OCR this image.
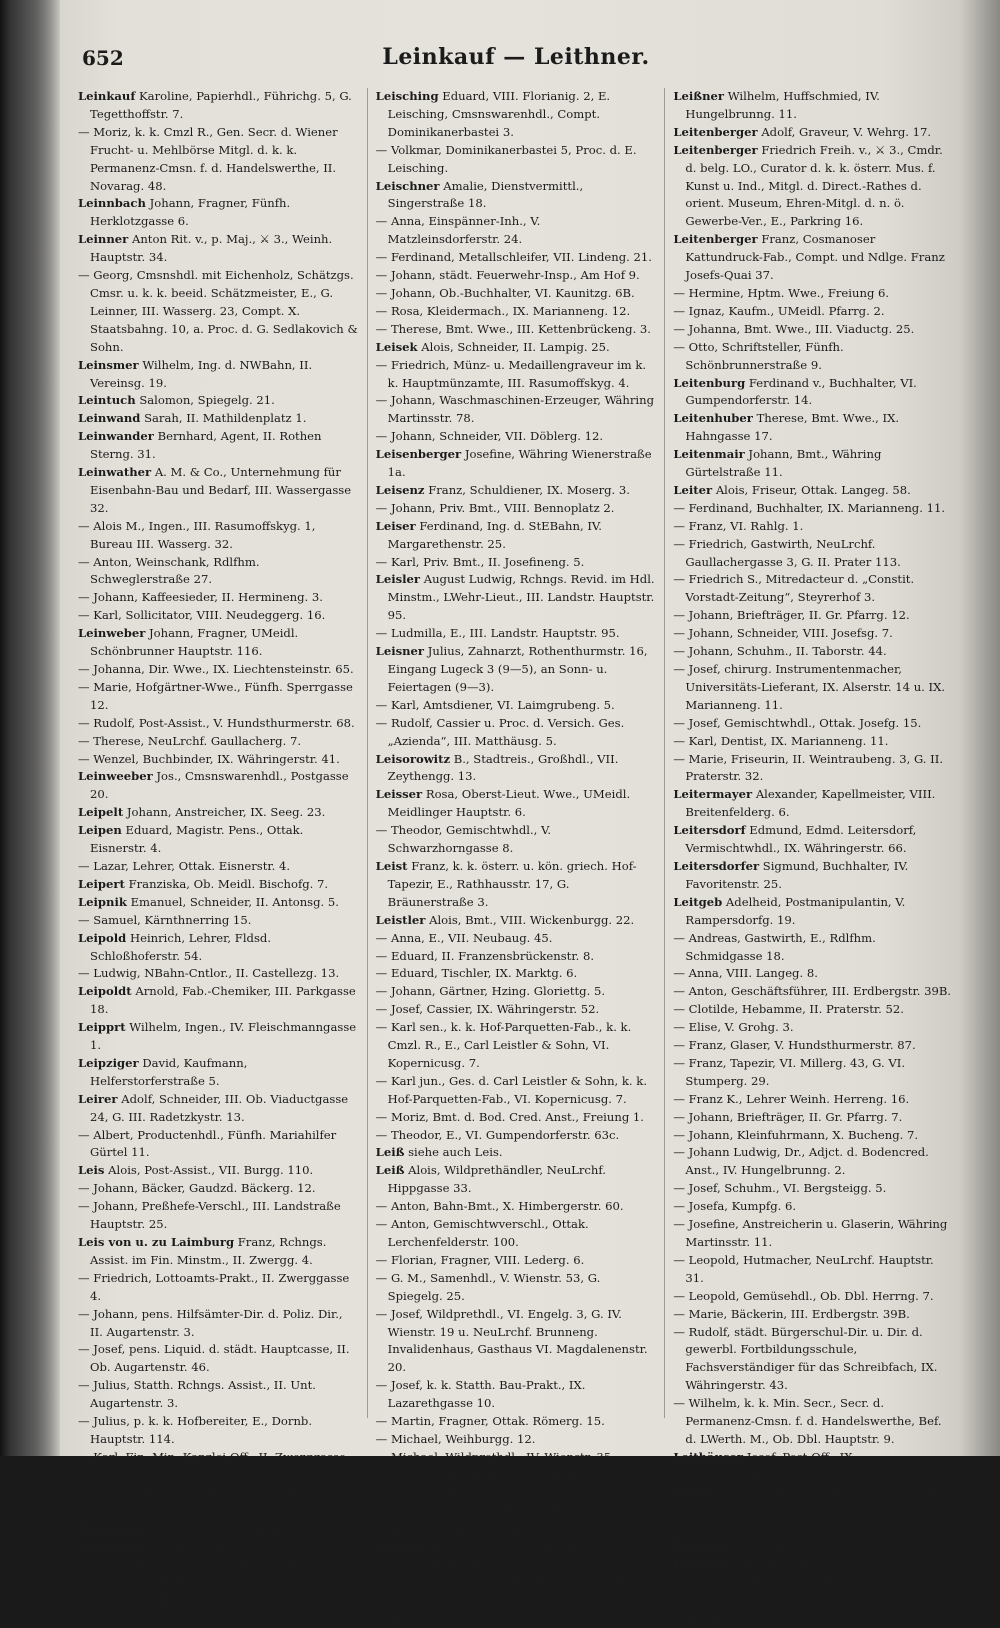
652	Leinkauf — Leithner.

Leinkauf Karoline, Papierhdl., Führichg. 5, G. Tegetthoffstr. 7.

— Moriz, k. k. Cmzl R., Gen. Secr. d. Wiener Frucht- u. Mehlbörse Mitgl. d. k. k. Permanenz-Cmsn. f. d. Handelswerthe, II. Novarag. 48.

Leinnbach Johann, Fragner, Fünfh. Herklotzgasse 6.

Leinner Anton Rit. v., p. Maj., ⚔ 3., Weinh. Hauptstr. 34.

— Georg, Cmsnshdl. mit Eichenholz, Schätzgs. Cmsr. u. k. k. beeid. Schätzmeister, E., G. Leinner, III. Wasserg. 23, Compt. X. Staatsbahng. 10, a. Proc. d. G. Sedlakovich & Sohn.

Leinsmer Wilhelm, Ing. d. NWBahn, II. Vereinsg. 19.

Leintuch Salomon, Spiegelg. 21.

Leinwand Sarah, II. Mathildenplatz 1.

Leinwander Bernhard, Agent, II. Rothen Sterng. 31.

Leinwather A. M. & Co., Unternehmung für Eisenbahn-Bau und Bedarf, III. Wassergasse 32.

— Alois M., Ingen., III. Rasumoffskyg. 1, Bureau III. Wasserg. 32.

— Anton, Weinschank, Rdlfhm. Schweglerstraße 27.

— Johann, Kaffeesieder, II. Hermineng. 3.

— Karl, Sollicitator, VIII. Neudeggerg. 16.

Leinweber Johann, Fragner, UMeidl. Schönbrunner Hauptstr. 116.

— Johanna, Dir. Wwe., IX. Liechtensteinstr. 65.

— Marie, Hofgärtner-Wwe., Fünfh. Sperrgasse 12.

— Rudolf, Post-Assist., V. Hundsthurmerstr. 68.

— Therese, NeuLrchf. Gaullacherg. 7.

— Wenzel, Buchbinder, IX. Währingerstr. 41.

Leinweeber Jos., Cmsnswarenhdl., Postgasse 20.

Leipelt Johann, Anstreicher, IX. Seeg. 23.

Leipen Eduard, Magistr. Pens., Ottak. Eisnerstr. 4.

— Lazar, Lehrer, Ottak. Eisnerstr. 4.

Leipert Franziska, Ob. Meidl. Bischofg. 7.

Leipnik Emanuel, Schneider, II. Antonsg. 5.

— Samuel, Kärnthnerring 15.

Leipold Heinrich, Lehrer, Fldsd. Schloßhoferstr. 54.

— Ludwig, NBahn-Cntlor., II. Castellezg. 13.

Leipoldt Arnold, Fab.-Chemiker, III. Parkgasse 18.

Leipprt Wilhelm, Ingen., IV. Fleischmanngasse 1.

Leipziger David, Kaufmann, Helferstorferstraße 5.

Leirer Adolf, Schneider, III. Ob. Viaductgasse 24, G. III. Radetzkystr. 13.

— Albert, Productenhdl., Fünfh. Mariahilfer Gürtel 11.

Leis Alois, Post-Assist., VII. Burgg. 110.

— Johann, Bäcker, Gaudzd. Bäckerg. 12.

— Johann, Preßhefe-Verschl., III. Landstraße Hauptstr. 25.

Leis von u. zu Laimburg Franz, Rchngs. Assist. im Fin. Minstm., II. Zwergg. 4.

— Friedrich, Lottoamts-Prakt., II. Zwerggasse 4.

— Johann, pens. Hilfsämter-Dir. d. Poliz. Dir., II. Augartenstr. 3.

— Josef, pens. Liquid. d. städt. Hauptcasse, II. Ob. Augartenstr. 46.

— Julius, Statth. Rchngs. Assist., II. Unt. Augartenstr. 3.

— Julius, p. k. k. Hofbereiter, E., Dornb. Hauptstr. 114.

— Karl, Fin. Min.-Kanzlei-Off., II. Zwerggasse 4.

— Sidonie, Rgts.-Arzt-Wwe., Singerstr. 7.

— s. a. Leys von und zu Leimburg.

Leisberger Othmar, Lehrer, Donaufeld.

Leisching Eduard, PhDr., Dir.-Secr. und Kanzlei-Vorst., zugleich Custos-Stellvertr. am k. k. Mus. f. K. u. J., k. k. Lieut. in d. Res., VI. Getreidemarkt 11.

Leisching Eduard, VIII. Florianig. 2, E. Leisching, Cmsnswarenhdl., Compt. Dominikanerbastei 3.

— Volkmar, Dominikanerbastei 5, Proc. d. E. Leisching.

Leischner Amalie, Dienstvermittl., Singerstraße 18.

— Anna, Einspänner-Inh., V. Matzleinsdorferstr. 24.

— Ferdinand, Metallschleifer, VII. Lindeng. 21.

— Johann, städt. Feuerwehr-Insp., Am Hof 9.

— Johann, Ob.-Buchhalter, VI. Kaunitzg. 6B.

— Rosa, Kleidermach., IX. Marianneng. 12.

— Therese, Bmt. Wwe., III. Kettenbrückeng. 3.

Leisek Alois, Schneider, II. Lampig. 25.

— Friedrich, Münz- u. Medaillengraveur im k. k. Hauptmünzamte, III. Rasumoffskyg. 4.

— Johann, Waschmaschinen-Erzeuger, Währing Martinsstr. 78.

— Johann, Schneider, VII. Döblerg. 12.

Leisenberger Josefine, Währing Wienerstraße 1a.

Leisenz Franz, Schuldiener, IX. Moserg. 3.

— Johann, Priv. Bmt., VIII. Bennoplatz 2.

Leiser Ferdinand, Ing. d. StEBahn, IV. Margarethenstr. 25.

— Karl, Priv. Bmt., II. Josefineng. 5.

Leisler August Ludwig, Rchngs. Revid. im Hdl. Minstm., LWehr-Lieut., III. Landstr. Hauptstr. 95.

— Ludmilla, E., III. Landstr. Hauptstr. 95.

Leisner Julius, Zahnarzt, Rothenthurmstr. 16, Eingang Lugeck 3 (9—5), an Sonn- u. Feiertagen (9—3).

— Karl, Amtsdiener, VI. Laimgrubeng. 5.

— Rudolf, Cassier u. Proc. d. Versich. Ges. „Azienda“, III. Matthäusg. 5.

Leisorowitz B., Stadtreis., Großhdl., VII. Zeythengg. 13.

Leisser Rosa, Oberst-Lieut. Wwe., UMeidl. Meidlinger Hauptstr. 6.

— Theodor, Gemischtwhdl., V. Schwarzhorngasse 8.

Leist Franz, k. k. österr. u. kön. griech. Hof-Tapezir, E., Rathhausstr. 17, G. Bräunerstraße 3.

Leistler Alois, Bmt., VIII. Wickenburgg. 22.

— Anna, E., VII. Neubaug. 45.

— Eduard, II. Franzensbrückenstr. 8.

— Eduard, Tischler, IX. Marktg. 6.

— Johann, Gärtner, Hzing. Gloriettg. 5.

— Josef, Cassier, IX. Währingerstr. 52.

— Karl sen., k. k. Hof-Parquetten-Fab., k. k. Cmzl. R., E., Carl Leistler & Sohn, VI. Kopernicusg. 7.

— Karl jun., Ges. d. Carl Leistler & Sohn, k. k. Hof-Parquetten-Fab., VI. Kopernicusg. 7.

— Moriz, Bmt. d. Bod. Cred. Anst., Freiung 1.

— Theodor, E., VI. Gumpendorferstr. 63c.

Leiß siehe auch Leis.

Leiß Alois, Wildprethändler, NeuLrchf. Hippgasse 33.

— Anton, Bahn-Bmt., X. Himbergerstr. 60.

— Anton, Gemischtwverschl., Ottak. Lerchenfelderstr. 100.

— Florian, Fragner, VIII. Lederg. 6.

— G. M., Samenhdl., V. Wienstr. 53, G. Spiegelg. 25.

— Josef, Wildprethdl., VI. Engelg. 3, G. IV. Wienstr. 19 u. NeuLrchf. Brunneng. Invalidenhaus, Gasthaus VI. Magdalenenstr. 20.

— Josef, k. k. Statth. Bau-Prakt., IX. Lazarethgasse 10.

— Martin, Fragner, Ottak. Römerg. 15.

— Michael, Weihburgg. 12.

— Michael, Wildprethdl., IV. Wienstr. 35.

— Michael jun., Wildprethdl., Weihburgg. 12, G. Franziskanerplatz 3.

— Michael, Schuhm., Penzing Poststr. 36.

— Peter, Tischler, V. Matzleinsdorferstr. 31.

Leißner Josef, Briefträger, Hnls. Herrng. 11.

— Marie, Näherin, VII. Neustiftg. 12.

— Sebastian, Tischler, III. Stanislausg. 3, Ges. d. Käß & Leißner, Tischlerholzhdl., III. Hohlwegg. 32.

Leißner Wilhelm, Huffschmied, IV. Hungelbrunng. 11.

Leitenberger Adolf, Graveur, V. Wehrg. 17.

Leitenberger Friedrich Freih. v., ⚔ 3., Cmdr. d. belg. LO., Curator d. k. k. österr. Mus. f. Kunst u. Ind., Mitgl. d. Direct.-Rathes d. orient. Museum, Ehren-Mitgl. d. n. ö. Gewerbe-Ver., E., Parkring 16.

Leitenberger Franz, Cosmanoser Kattundruck-Fab., Compt. und Ndlge. Franz Josefs-Quai 37.

— Hermine, Hptm. Wwe., Freiung 6.

— Ignaz, Kaufm., UMeidl. Pfarrg. 2.

— Johanna, Bmt. Wwe., III. Viaductg. 25.

— Otto, Schriftsteller, Fünfh. Schönbrunnerstraße 9.

Leitenburg Ferdinand v., Buchhalter, VI. Gumpendorferstr. 14.

Leitenhuber Therese, Bmt. Wwe., IX. Hahngasse 17.

Leitenmair Johann, Bmt., Währing Gürtelstraße 11.

Leiter Alois, Friseur, Ottak. Langeg. 58.

— Ferdinand, Buchhalter, IX. Marianneng. 11.

— Franz, VI. Rahlg. 1.

— Friedrich, Gastwirth, NeuLrchf. Gaullachergasse 3, G. II. Prater 113.

— Friedrich S., Mitredacteur d. „Constit. Vorstadt-Zeitung“, Steyrerhof 3.

— Johann, Briefträger, II. Gr. Pfarrg. 12.

— Johann, Schneider, VIII. Josefsg. 7.

— Johann, Schuhm., II. Taborstr. 44.

— Josef, chirurg. Instrumentenmacher, Universitäts-Lieferant, IX. Alserstr. 14 u. IX. Marianneng. 11.

— Josef, Gemischtwhdl., Ottak. Josefg. 15.

— Karl, Dentist, IX. Marianneng. 11.

— Marie, Friseurin, II. Weintraubeng. 3, G. II. Praterstr. 32.

Leitermayer Alexander, Kapellmeister, VIII. Breitenfelderg. 6.

Leitersdorf Edmund, Edmd. Leitersdorf, Vermischtwhdl., IX. Währingerstr. 66.

Leitersdorfer Sigmund, Buchhalter, IV. Favoritenstr. 25.

Leitgeb Adelheid, Postmanipulantin, V. Rampersdorfg. 19.

— Andreas, Gastwirth, E., Rdlfhm. Schmidgasse 18.

— Anna, VIII. Langeg. 8.

— Anton, Geschäftsführer, III. Erdbergstr. 39B.

— Clotilde, Hebamme, II. Praterstr. 52.

— Elise, V. Grohg. 3.

— Franz, Glaser, V. Hundsthurmerstr. 87.

— Franz, Tapezir, VI. Millerg. 43, G. VI. Stumperg. 29.

— Franz K., Lehrer Weinh. Herreng. 16.

— Johann, Briefträger, II. Gr. Pfarrg. 7.

— Johann, Kleinfuhrmann, X. Bucheng. 7.

— Johann Ludwig, Dr., Adjct. d. Bodencred. Anst., IV. Hungelbrunng. 2.

— Josef, Schuhm., VI. Bergsteigg. 5.

— Josefa, Kumpfg. 6.

— Josefine, Anstreicherin u. Glaserin, Währing Martinsstr. 11.

— Leopold, Hutmacher, NeuLrchf. Hauptstr. 31.

— Leopold, Gemüsehdl., Ob. Dbl. Herrng. 7.

— Marie, Bäckerin, III. Erdbergstr. 39B.

— Rudolf, städt. Bürgerschul-Dir. u. Dir. d. gewerbl. Fortbildungsschule, Fachsverständiger für das Schreibfach, IX. Währingerstr. 43.

— Wilhelm, k. k. Min. Secr., Secr. d. Permanenz-Cmsn. f. d. Handelswerthe, Bef. d. LWerth. M., Ob. Dbl. Hauptstr. 9.

Leithäuser Josef, Post-Off., IX. Liechtensteinstr. 77.

Leithe Friedr., PhDr., Vorstand d. Bibliothek d. k. k. techn. Hochschule, IV. Theresianumgasse 13.

Leithuer, s. a. Leitner.

Leithner Anna, E., VII. Kircheng. 13.

— Ernestine, Bmt. Wwe., Währing Schulg. 69.

— Franz, Cartonnagewarenfab., VII. Mariahilferstr. 118.
